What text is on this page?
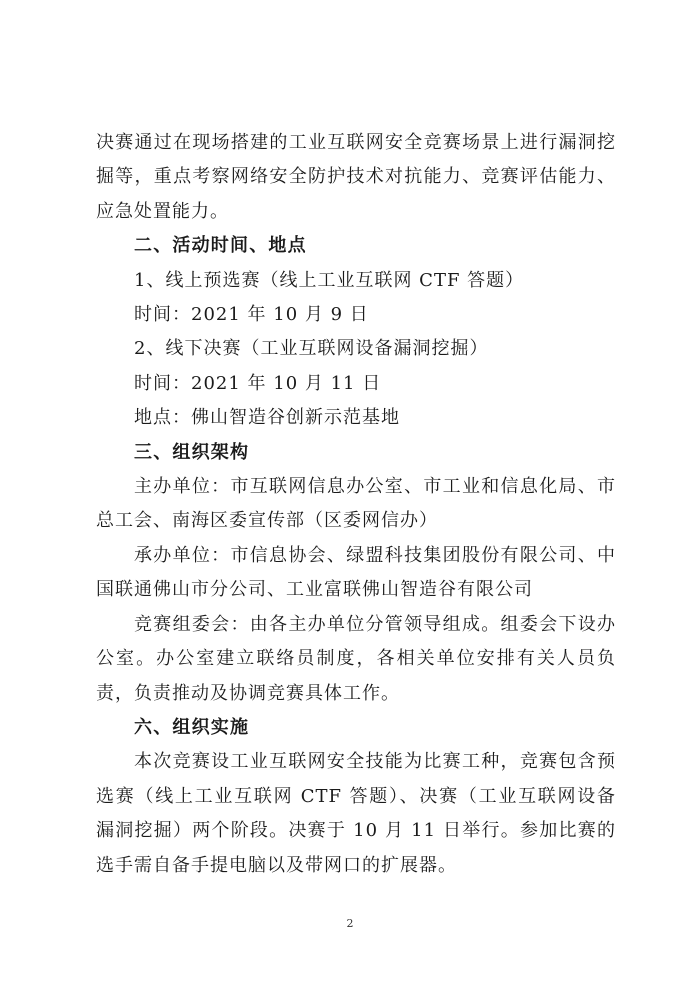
决赛通过在现场搭建的工业互联网安全竞赛场景上进行漏洞挖掘等，重点考察网络安全防护技术对抗能力、竞赛评估能力、应急处置能力。

二、活动时间、地点

1、线上预选赛（线上工业互联网 CTF 答题）

时间：2021 年 10 月 9 日

2、线下决赛（工业互联网设备漏洞挖掘）

时间：2021 年 10 月 11 日

地点：佛山智造谷创新示范基地

三、组织架构

主办单位：市互联网信息办公室、市工业和信息化局、市总工会、南海区委宣传部（区委网信办）

承办单位：市信息协会、绿盟科技集团股份有限公司、中国联通佛山市分公司、工业富联佛山智造谷有限公司

竞赛组委会：由各主办单位分管领导组成。组委会下设办公室。办公室建立联络员制度，各相关单位安排有关人员负责，负责推动及协调竞赛具体工作。

六、组织实施

本次竞赛设工业互联网安全技能为比赛工种，竞赛包含预选赛（线上工业互联网 CTF 答题）、决赛（工业互联网设备漏洞挖掘）两个阶段。决赛于 10 月 11 日举行。参加比赛的选手需自备手提电脑以及带网口的扩展器。

2
